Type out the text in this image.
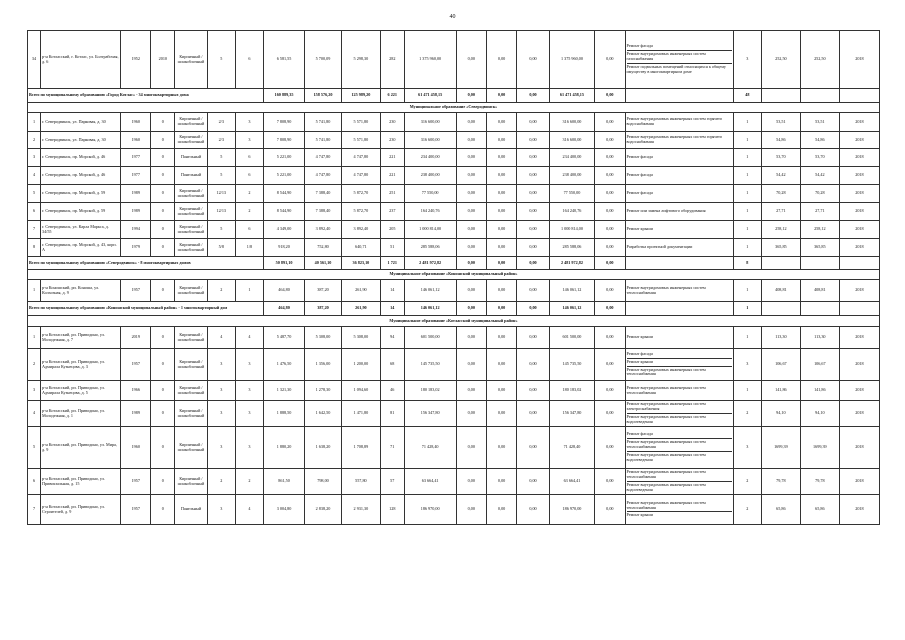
40
34	р-н Котласский, г. Котлас, ул. Болтрабочая, д. 6	1952	2010	Кирпичный / шлакоблочный	5	6	6 581,55	5 700,09	5 298,30	282	1 375 960,00	0,00	0,00	0,00	1 375 960,00	0,00	Ремонт фасада
Ремонт внутридомовых инженерных систем газоснабжения
Ремонт подвальных помещений относящихся к общему имуществу в многоквартирном доме	3	252,50	252,50	2018
Всего по муниципальному образованию «Город Котлас» - 34 многоквартирных дома							160 889,35	158 576,20	125 989,20	6 221	61 471 458,15	0,00	0,00	0,00	61 471 458,15	0,00		48			
Муниципальное образование «Северодвинск»																					
1	г. Северодвинск, ул. Парковая, д. 30	1960	0	Кирпичный / шлакоблочный	2/3	3	7 808,90	5 741,80	5 571,80	230	316 600,00	0,00	0,00	0,00	316 600,00	0,00	Ремонт внутридомовых инженерных систем горячего водоснабжения	1	53,51	53,51	2018
2	г. Северодвинск, ул. Парковая, д. 30	1960	0	Кирпичный / шлакоблочный	2/3	3	7 808,90	5 741,80	5 571,80	230	316 600,00	0,00	0,00	0,00	316 600,00	0,00	Ремонт внутридомовых инженерных систем горячего водоснабжения	1	54,86	54,86	2018
3	г. Северодвинск, пр. Морской, д. 46	1977	0	Панельный	5	6	5 221,00	4 747,80	4 747,80	221	234 400,00	0,00	0,00	0,00	234 400,00	0,00	Ремонт фасада	1	53,70	53,70	2018
4	г. Северодвинск, пр. Морской, д. 46	1977	0	Панельный	5	6	5 221,00	4 747,80	4 747,80	221	238 400,00	0,00	0,00	0,00	238 400,00	0,00	Ремонт фасада	1	54,42	54,42	2018
5	г. Северодвинск, пр. Морской, д. 59	1989	0	Кирпичный / шлакоблочный	12/13	2	8 544,90	7 388,40	5 872,70	251	77 550,00	0,00	0,00	0,00	77 550,00	0,00	Ремонт фасада	1	70,28	70,28	2018
6	г. Северодвинск, пр. Морской, д. 59	1989	0	Кирпичный / шлакоблочный	12/13	2	8 544,90	7 388,40	5 872,70	237	164 240,76	0,00	0,00	0,00	164 240,76	0,00	Ремонт или замена лифтового оборудования	1	27,71	27,71	2018
7	г. Северодвинск, ул. Карла Маркса, д. 34/55	1994	0	Кирпичный / шлакоблочный	5	6	4 349,00	3 892,40	3 892,40	205	1 000 814,00	0,00	0,00	0,00	1 000 814,00	0,00	Ремонт крыши	1	258,12	258,12	2018
8	г. Северодвинск, пр. Морской, д. 43, корп. А	1979	0	Кирпичный / шлакоблочный	5/8	1/8	918,20	752,80	640,71	51	285 588,06	0,00	0,00	0,00	285 588,06	0,00	Разработка проектной документации	1	365,85	365,85	2018
Всего по муниципальному образованию «Северодвинск» - 8 многоквартирных домов							50 891,10	40 561,10	36 823,10	1 721	2 481 972,82	0,00	0,00	0,00	2 481 972,82	0,00		8			
Муниципальное образование «Коношский муниципальный район»																					
1	р-н Коношский, рп. Коноша, ул. Колхозная, д. 9	1957	0	Кирпичный / шлакоблочный	2	1	464,80	387,20	261,90	14	146 061,12	0,00	0,00	0,00	146 061,12	0,00	Ремонт внутридомовых инженерных систем теплоснабжения	1	408,81	408,81	2018
Всего по муниципальному образованию «Коношский муниципальный район» - 1 многоквартирный дом							464,80	387,20	261,90	14	146 061,12	0,00	0,00	0,00	146 061,12	0,00		1			
Муниципальное образование «Котласский муниципальный район»																					
1	р-н Котласский, рп. Приводино, ул. Молодежная, д. 7	2019	0	Кирпичный / шлакоблочный	4	4	5 487,70	5 308,00	5 308,00	94	601 500,00	0,00	0,00	0,00	601 500,00	0,00	Ремонт крыши	1	113,30	113,30	2018
2	р-н Котласский, рп. Приводино, ул. Адмирала Кузнецова, д. 3	1957	0	Кирпичный / шлакоблочный	3	3	1 476,50	1 356,00	1 200,00	68	145 735,50	0,00	0,00	0,00	145 735,50	0,00	Ремонт фасада
Ремонт крыши
Ремонт внутридомовых инженерных систем теплоснабжения	3	106,67	106,67	2018
3	р-н Котласский, рп. Приводино, ул. Адмирала Кузнецова, д. 5	1966	0	Кирпичный / шлакоблочный	3	3	1 321,30	1 278,30	1 094,60	46	180 183,02	0,00	0,00	0,00	180 183,02	0,00	Ремонт внутридомовых инженерных систем теплоснабжения	1	141,86	141,86	2018
4	р-н Котласский, рп. Приводино, ул. Молодежная, д. 1	1989	0	Кирпичный / шлакоблочный	3	3	1 888,50	1 642,50	1 471,80	81	156 347,80	0,00	0,00	0,00	156 347,80	0,00	Ремонт внутридомовых инженерных систем электроснабжения
Ремонт внутридомовых инженерных систем водоотведения	2	94,10	94,10	2018
5	р-н Котласский, рп. Приводино, ул. Мира, д. 9	1960	0	Кирпичный / шлакоблочный	3	3	1 880,20	1 638,20	1 708,89	71	71 428,40	0,00	0,00	0,00	71 428,40	0,00	Ремонт фасада
Ремонт внутридомовых инженерных систем теплоснабжения
Ремонт внутридомовых инженерных систем водоотведения	3	1699,39	1699,39	2018
6	р-н Котласский, рп. Приводино, ул. Привокзальная, д. 15	1957	0	Кирпичный / шлакоблочный	2	2	861,50	798,00	557,80	57	63 664,41	0,00	0,00	0,00	63 664,41	0,00	Ремонт внутридомовых инженерных систем теплоснабжения
Ремонт внутридомовых инженерных систем водоотведения	2	79,78	79,78	2018
7	р-н Котласский, рп. Приводино, ул. Строителей, д. 9	1957	0	Панельный	3	4	3 004,80	2 838,20	2 931,30	128	186 970,00	0,00	0,00	0,00	186 970,00	0,00	Ремонт внутридомовых инженерных систем теплоснабжения
Ремонт крыши	2	65,86	65,86	2018
